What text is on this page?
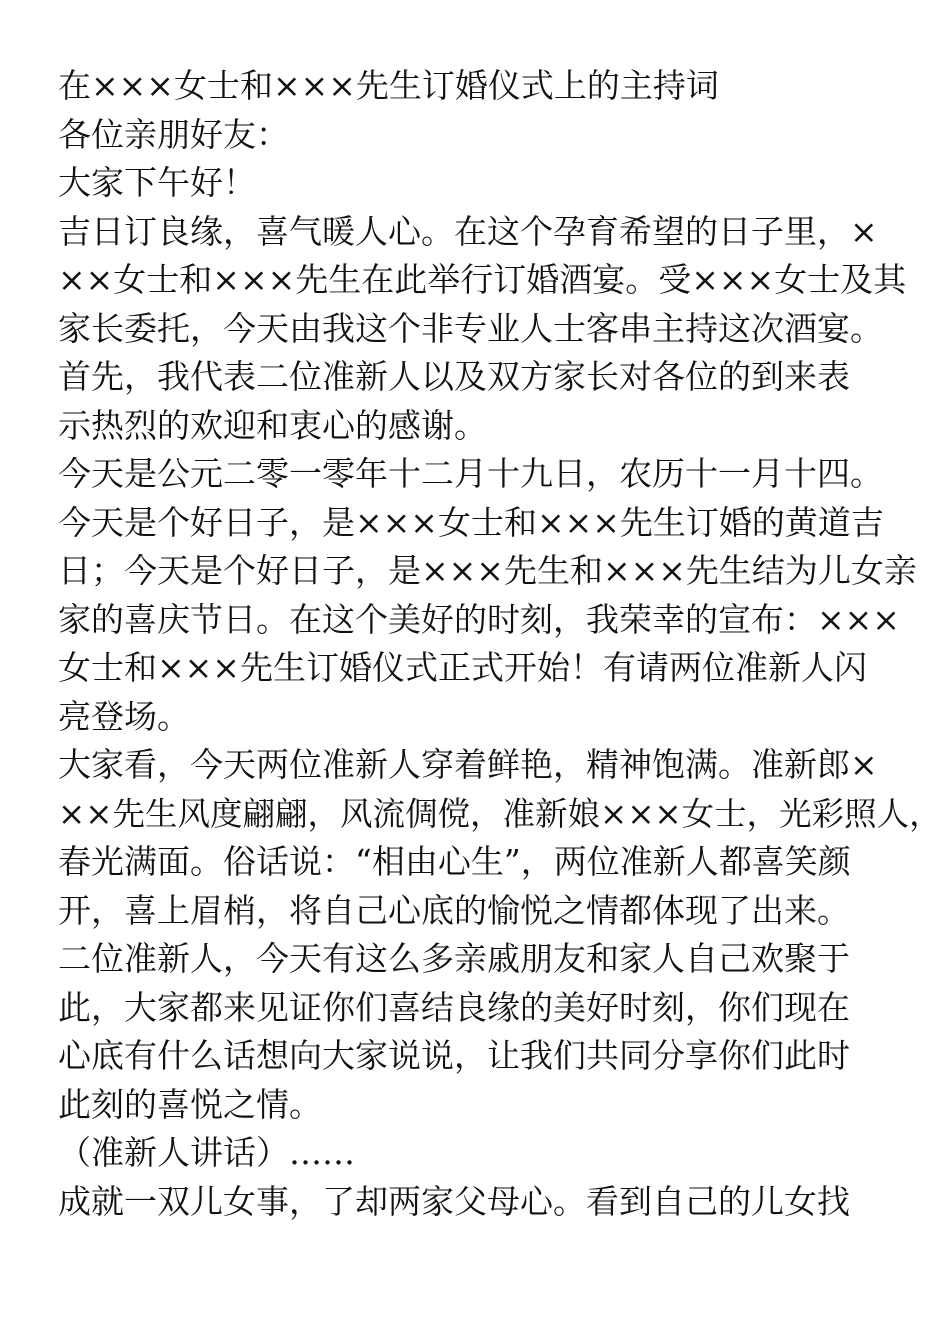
在×××女士和×××先生订婚仪式上的主持词
各位亲朋好友：
大家下午好！
吉日订良缘，喜气暖人心。在这个孕育希望的日子里，×
××女士和×××先生在此举行订婚酒宴。受×××女士及其
家长委托，今天由我这个非专业人士客串主持这次酒宴。
首先，我代表二位准新人以及双方家长对各位的到来表
示热烈的欢迎和衷心的感谢。
今天是公元二零一零年十二月十九日，农历十一月十四。
今天是个好日子，是×××女士和×××先生订婚的黄道吉
日；今天是个好日子，是×××先生和×××先生结为儿女亲
家的喜庆节日。在这个美好的时刻，我荣幸的宣布：×××
女士和×××先生订婚仪式正式开始！有请两位准新人闪
亮登场。
大家看，今天两位准新人穿着鲜艳，精神饱满。准新郎×
××先生风度翩翩，风流倜傥，准新娘×××女士，光彩照人，
春光满面。俗话说：“相由心生”，两位准新人都喜笑颜
开，喜上眉梢，将自己心底的愉悦之情都体现了出来。
二位准新人，今天有这么多亲戚朋友和家人自己欢聚于
此，大家都来见证你们喜结良缘的美好时刻，你们现在
心底有什么话想向大家说说，让我们共同分享你们此时
此刻的喜悦之情。
（准新人讲话）……
成就一双儿女事，了却两家父母心。看到自己的儿女找
